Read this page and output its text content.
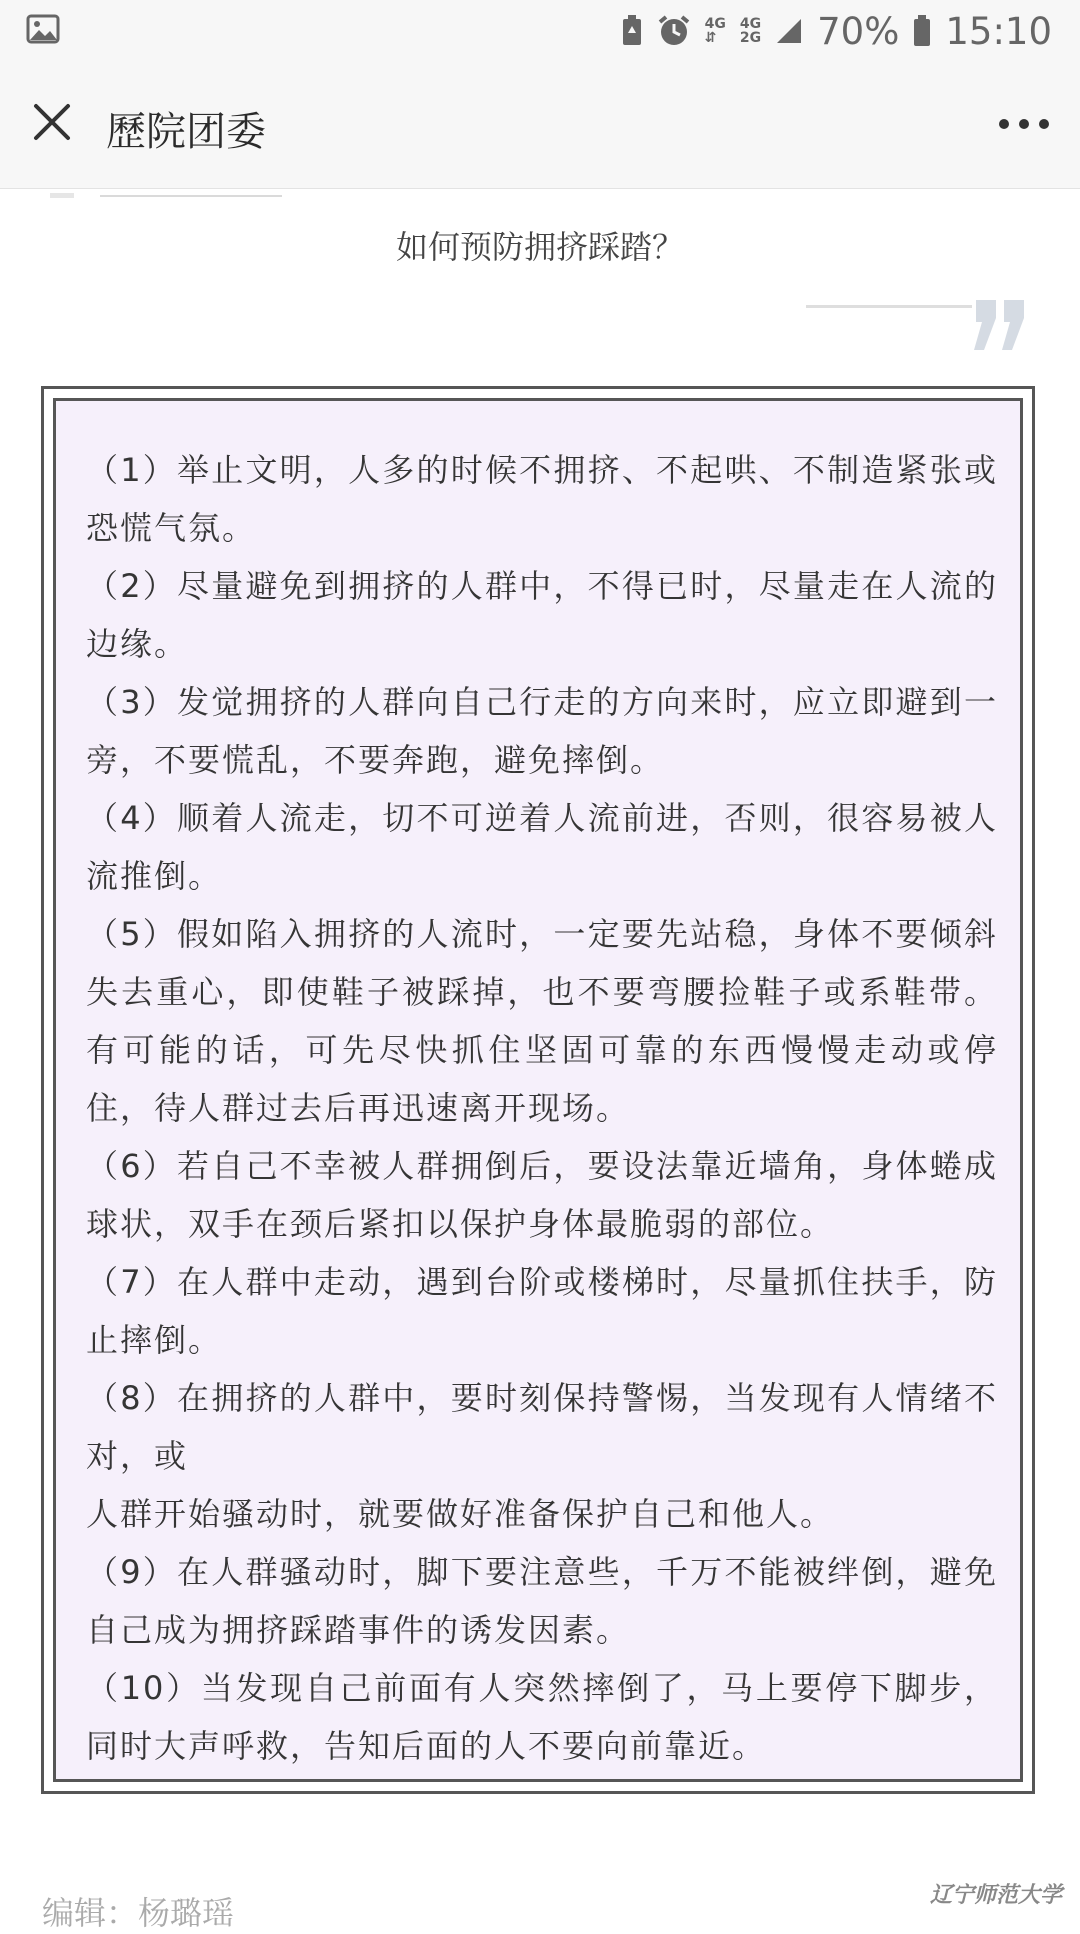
4G
⇵
4G
2G 70% 15:10
歷院团委
如何预防拥挤踩踏？

（1）举止文明，人多的时候不拥挤、不起哄、不制造紧张或恐慌气氛。

（2）尽量避免到拥挤的人群中，不得已时，尽量走在人流的边缘。

（3）发觉拥挤的人群向自己行走的方向来时，应立即避到一旁，不要慌乱，不要奔跑，避免摔倒。

（4）顺着人流走，切不可逆着人流前进，否则，很容易被人流推倒。

（5）假如陷入拥挤的人流时，一定要先站稳，身体不要倾斜失去重心，即使鞋子被踩掉，也不要弯腰捡鞋子或系鞋带。有可能的话，可先尽快抓住坚固可靠的东西慢慢走动或停住，待人群过去后再迅速离开现场。

（6）若自己不幸被人群拥倒后，要设法靠近墙角，身体蜷成球状，双手在颈后紧扣以保护身体最脆弱的部位。

（7）在人群中走动，遇到台阶或楼梯时，尽量抓住扶手，防止摔倒。

（8）在拥挤的人群中，要时刻保持警惕，当发现有人情绪不对，或

人群开始骚动时，就要做好准备保护自己和他人。

（9）在人群骚动时，脚下要注意些，千万不能被绊倒，避免自己成为拥挤踩踏事件的诱发因素。

（10）当发现自己前面有人突然摔倒了，马上要停下脚步，同时大声呼救，告知后面的人不要向前靠近。

编辑：杨璐瑶	辽宁师范大学
